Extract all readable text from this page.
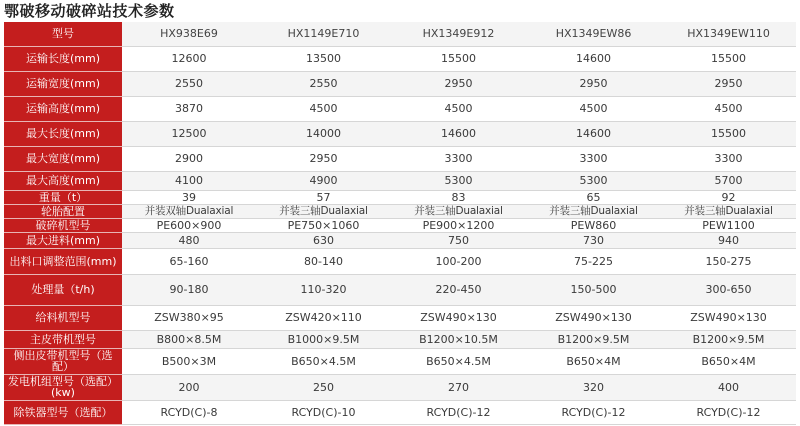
鄂破移动破碎站技术参数
型号	HX938E69	HX1149E710	HX1349E912	HX1349EW86	HX1349EW110
运输长度(mm)	12600	13500	15500	14600	15500
运输宽度(mm)	2550	2550	2950	2950	2950
运输高度(mm)	3870	4500	4500	4500	4500
最大长度(mm)	12500	14000	14600	14600	15500
最大宽度(mm)	2900	2950	3300	3300	3300
最大高度(mm)	4100	4900	5300	5300	5700
重量（t）	39	57	83	65	92
轮胎配置	并装双轴Dualaxial	并装三轴Dualaxial	并装三轴Dualaxial	并装三轴Dualaxial	并装三轴Dualaxial
破碎机型号	PE600×900	PE750×1060	PE900×1200	PEW860	PEW1100
最大进料(mm)	480	630	750	730	940
出料口调整范围(mm)	65-160	80-140	100-200	75-225	150-275
处理量（t/h)	90-180	110-320	220-450	150-500	300-650
给料机型号	ZSW380×95	ZSW420×110	ZSW490×130	ZSW490×130	ZSW490×130
主皮带机型号	B800×8.5M	B1000×9.5M	B1200×10.5M	B1200×9.5M	B1200×9.5M
侧出皮带机型号（选配）	B500×3M	B650×4.5M	B650×4.5M	B650×4M	B650×4M
发电机组型号（选配）(kw)	200	250	270	320	400
除铁器型号（选配）	RCYD(C)-8	RCYD(C)-10	RCYD(C)-12	RCYD(C)-12	RCYD(C)-12
